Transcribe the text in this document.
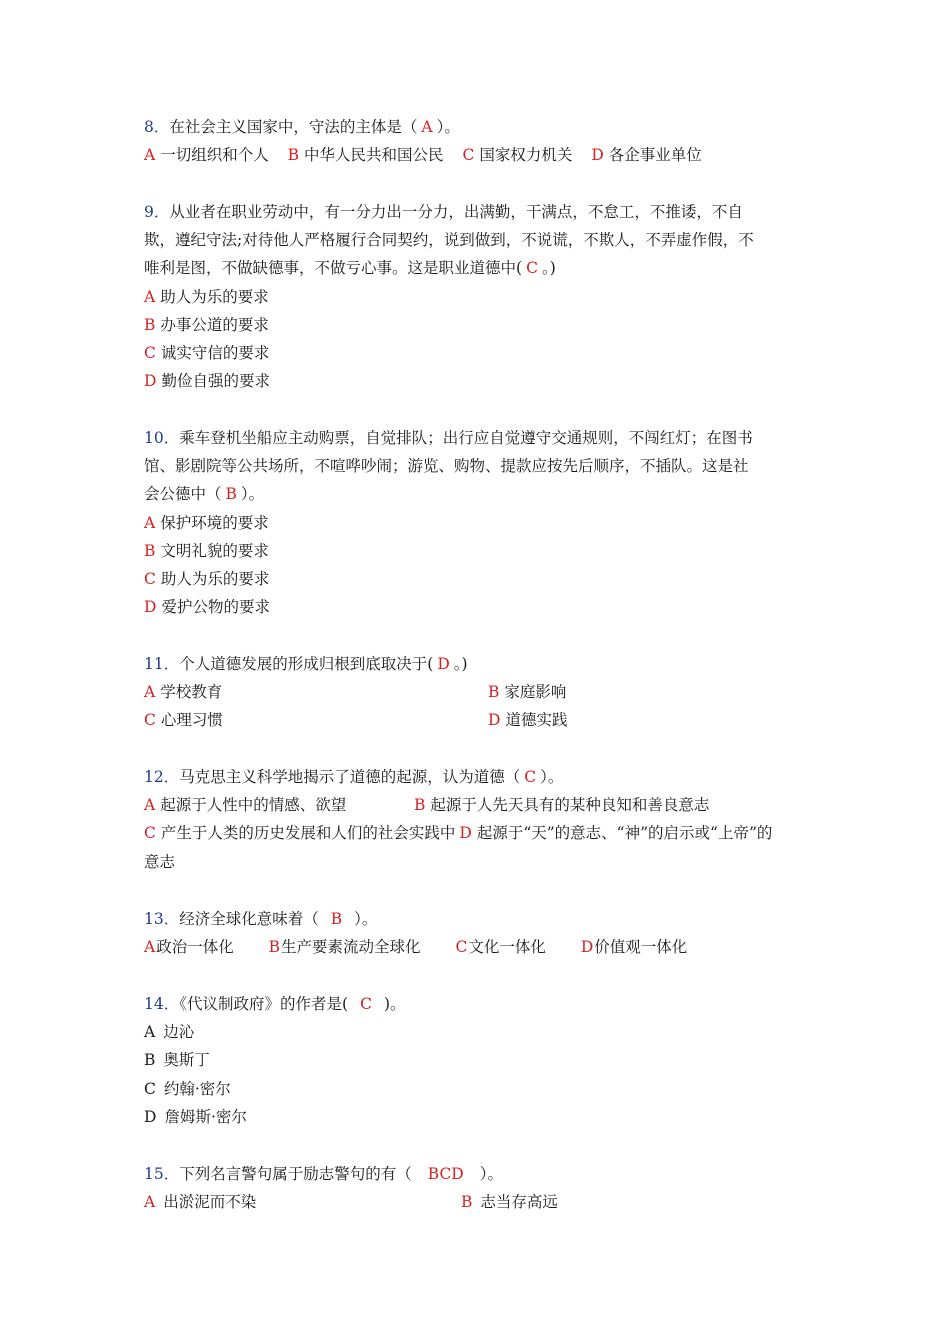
8．在社会主义国家中，守法的主体是（ A ）。
A 一切组织和个人 B 中华人民共和国公民 C 国家权力机关 D 各企事业单位
9．从业者在职业劳动中，有一分力出一分力，出满勤，干满点，不怠工，不推诿，不自
欺，遵纪守法;对待他人严格履行合同契约，说到做到，不说谎，不欺人，不弄虚作假，不
唯利是图，不做缺德事，不做亏心事。这是职业道德中( C 。)
A 助人为乐的要求
B 办事公道的要求
C 诚实守信的要求
D 勤俭自强的要求
10．乘车登机坐船应主动购票，自觉排队；出行应自觉遵守交通规则，不闯红灯；在图书
馆、影剧院等公共场所，不喧哗吵闹；游览、购物、提款应按先后顺序，不插队。这是社
会公德中（ B ）。
A 保护环境的要求
B 文明礼貌的要求
C 助人为乐的要求
D 爱护公物的要求
11．个人道德发展的形成归根到底取决于( D 。)
A 学校教育	B 家庭影响
C 心理习惯	D 道德实践
12．马克思主义科学地揭示了道德的起源，认为道德（ C ）。
A 起源于人性中的情感、欲望	B 起源于人先天具有的某种良知和善良意志
C 产生于人类的历史发展和人们的社会实践中 D 起源于“天”的意志、“神”的启示或“上帝”的
意志
13．经济全球化意味着（ B ）。
A政治一体化 B生产要素流动全球化 C文化一体化 D价值观一体化
14．《代议制政府》的作者是( C )。
A 边沁
B 奥斯丁
C 约翰·密尔
D 詹姆斯·密尔
15．下列名言警句属于励志警句的有（ BCD ）。
A 出淤泥而不染	B 志当存高远
